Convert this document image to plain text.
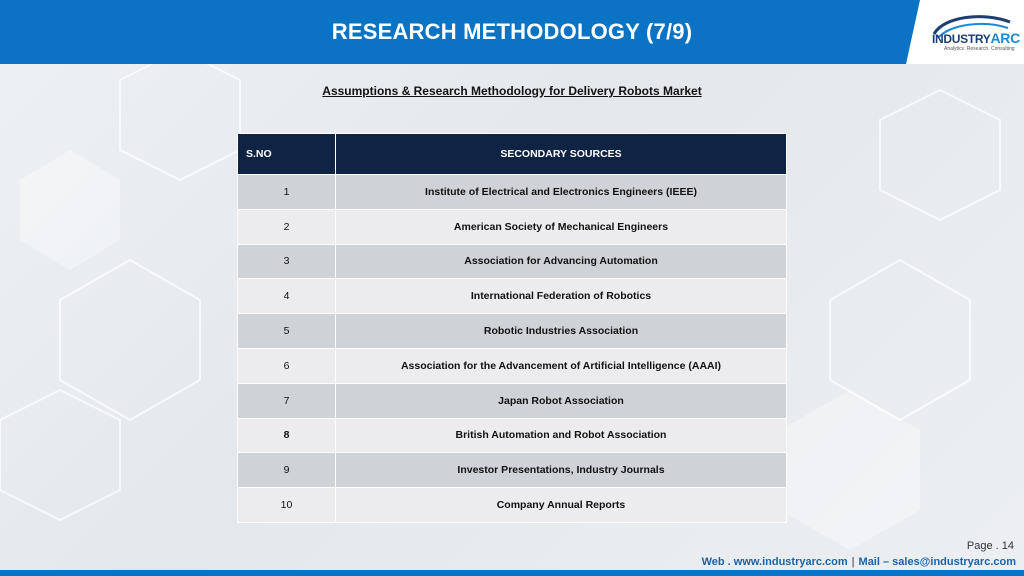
RESEARCH METHODOLOGY (7/9)	INDUSTRYARC
Analytics. Research. Consulting
Assumptions & Research Methodology for Delivery Robots Market
S.NO	SECONDARY SOURCES
1	Institute of Electrical and Electronics Engineers (IEEE)
2	American Society of Mechanical Engineers
3	Association for Advancing Automation
4	International Federation of Robotics
5	Robotic Industries Association
6	Association for the Advancement of Artificial Intelligence (AAAI)
7	Japan Robot Association
8	British Automation and Robot Association
9	Investor Presentations, Industry Journals
10	Company Annual Reports
Page . 14
Web . www.industryarc.com | Mail – sales@industryarc.com
